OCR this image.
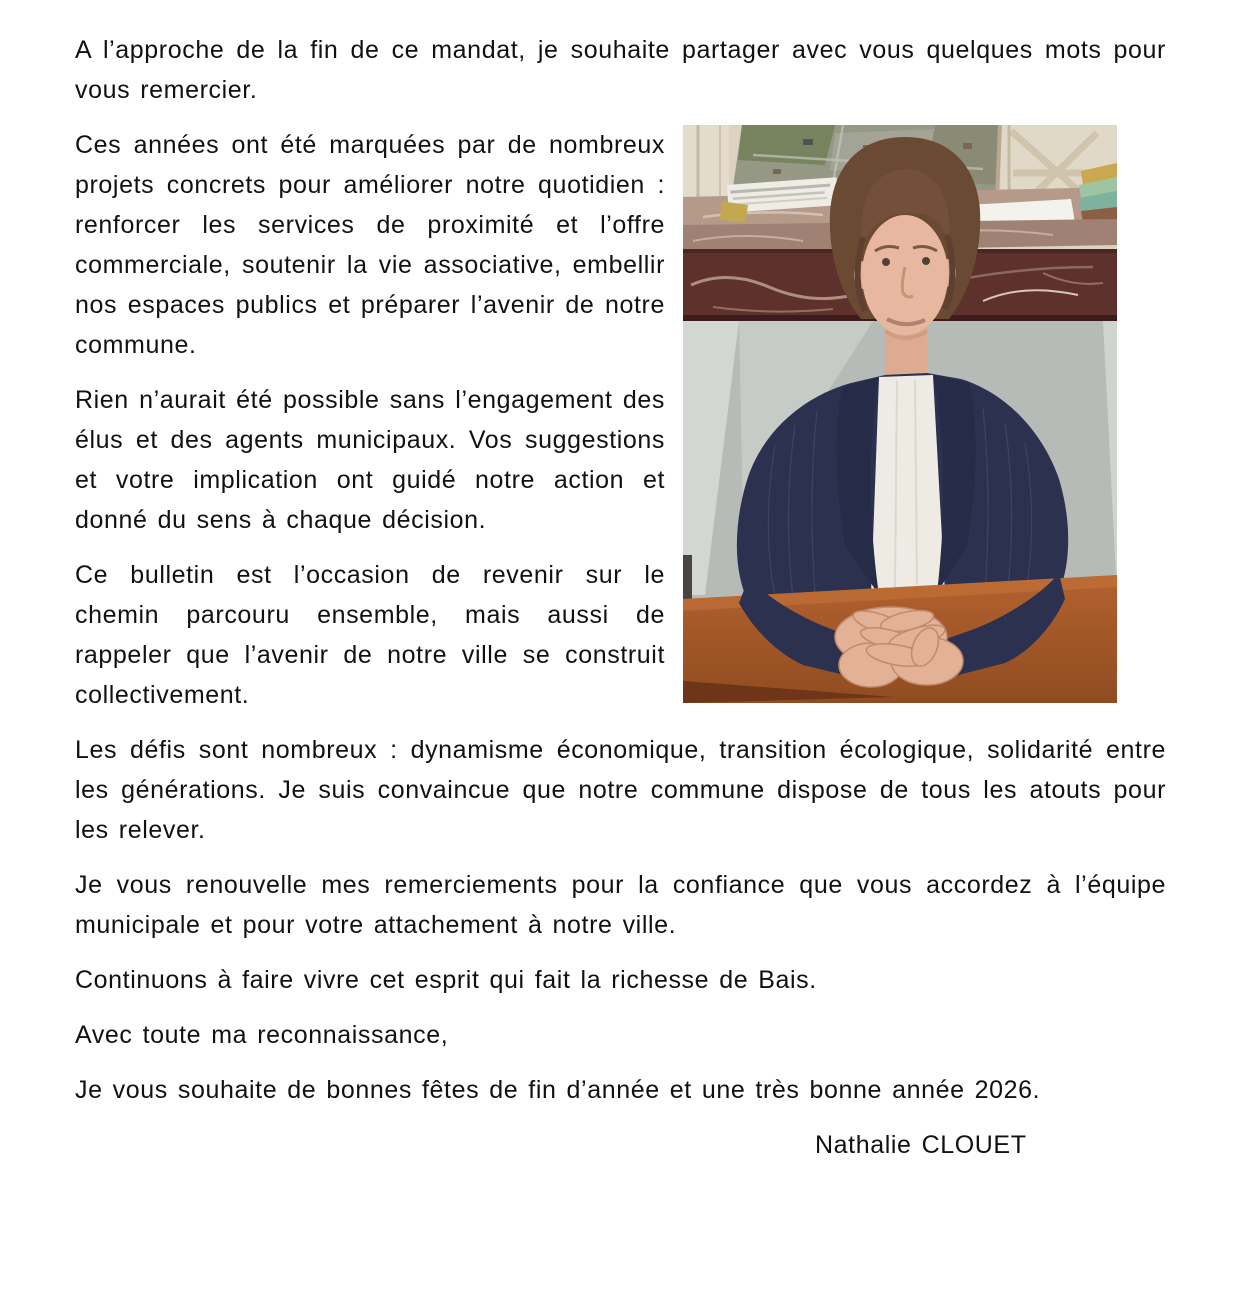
A l’approche de la fin de ce mandat, je souhaite partager avec vous quelques mots pour vous remercier.

Ces années ont été marquées par de nombreux projets concrets pour améliorer notre quotidien : renforcer les services de proximité et l’offre commerciale, soutenir la vie associative, embellir nos espaces publics et préparer l’avenir de notre commune.

Rien n’aurait été possible sans l’engagement des élus et des agents municipaux. Vos suggestions et votre implication ont guidé notre action et donné du sens à chaque décision.

Ce bulletin est l’occasion de revenir sur le chemin parcouru ensemble, mais aussi de rappeler que l’avenir de notre ville se construit collectivement.

Les défis sont nombreux : dynamisme économique, transition écologique, solidarité entre les générations. Je suis convaincue que notre commune dispose de tous les atouts pour les relever.

Je vous renouvelle mes remerciements pour la confiance que vous accordez à l’équipe municipale et pour votre attachement à notre ville.

Continuons à faire vivre cet esprit qui fait la richesse de Bais.

Avec toute ma reconnaissance,

Je vous souhaite de bonnes fêtes de fin d’année et une très bonne année 2026.

Nathalie CLOUET
